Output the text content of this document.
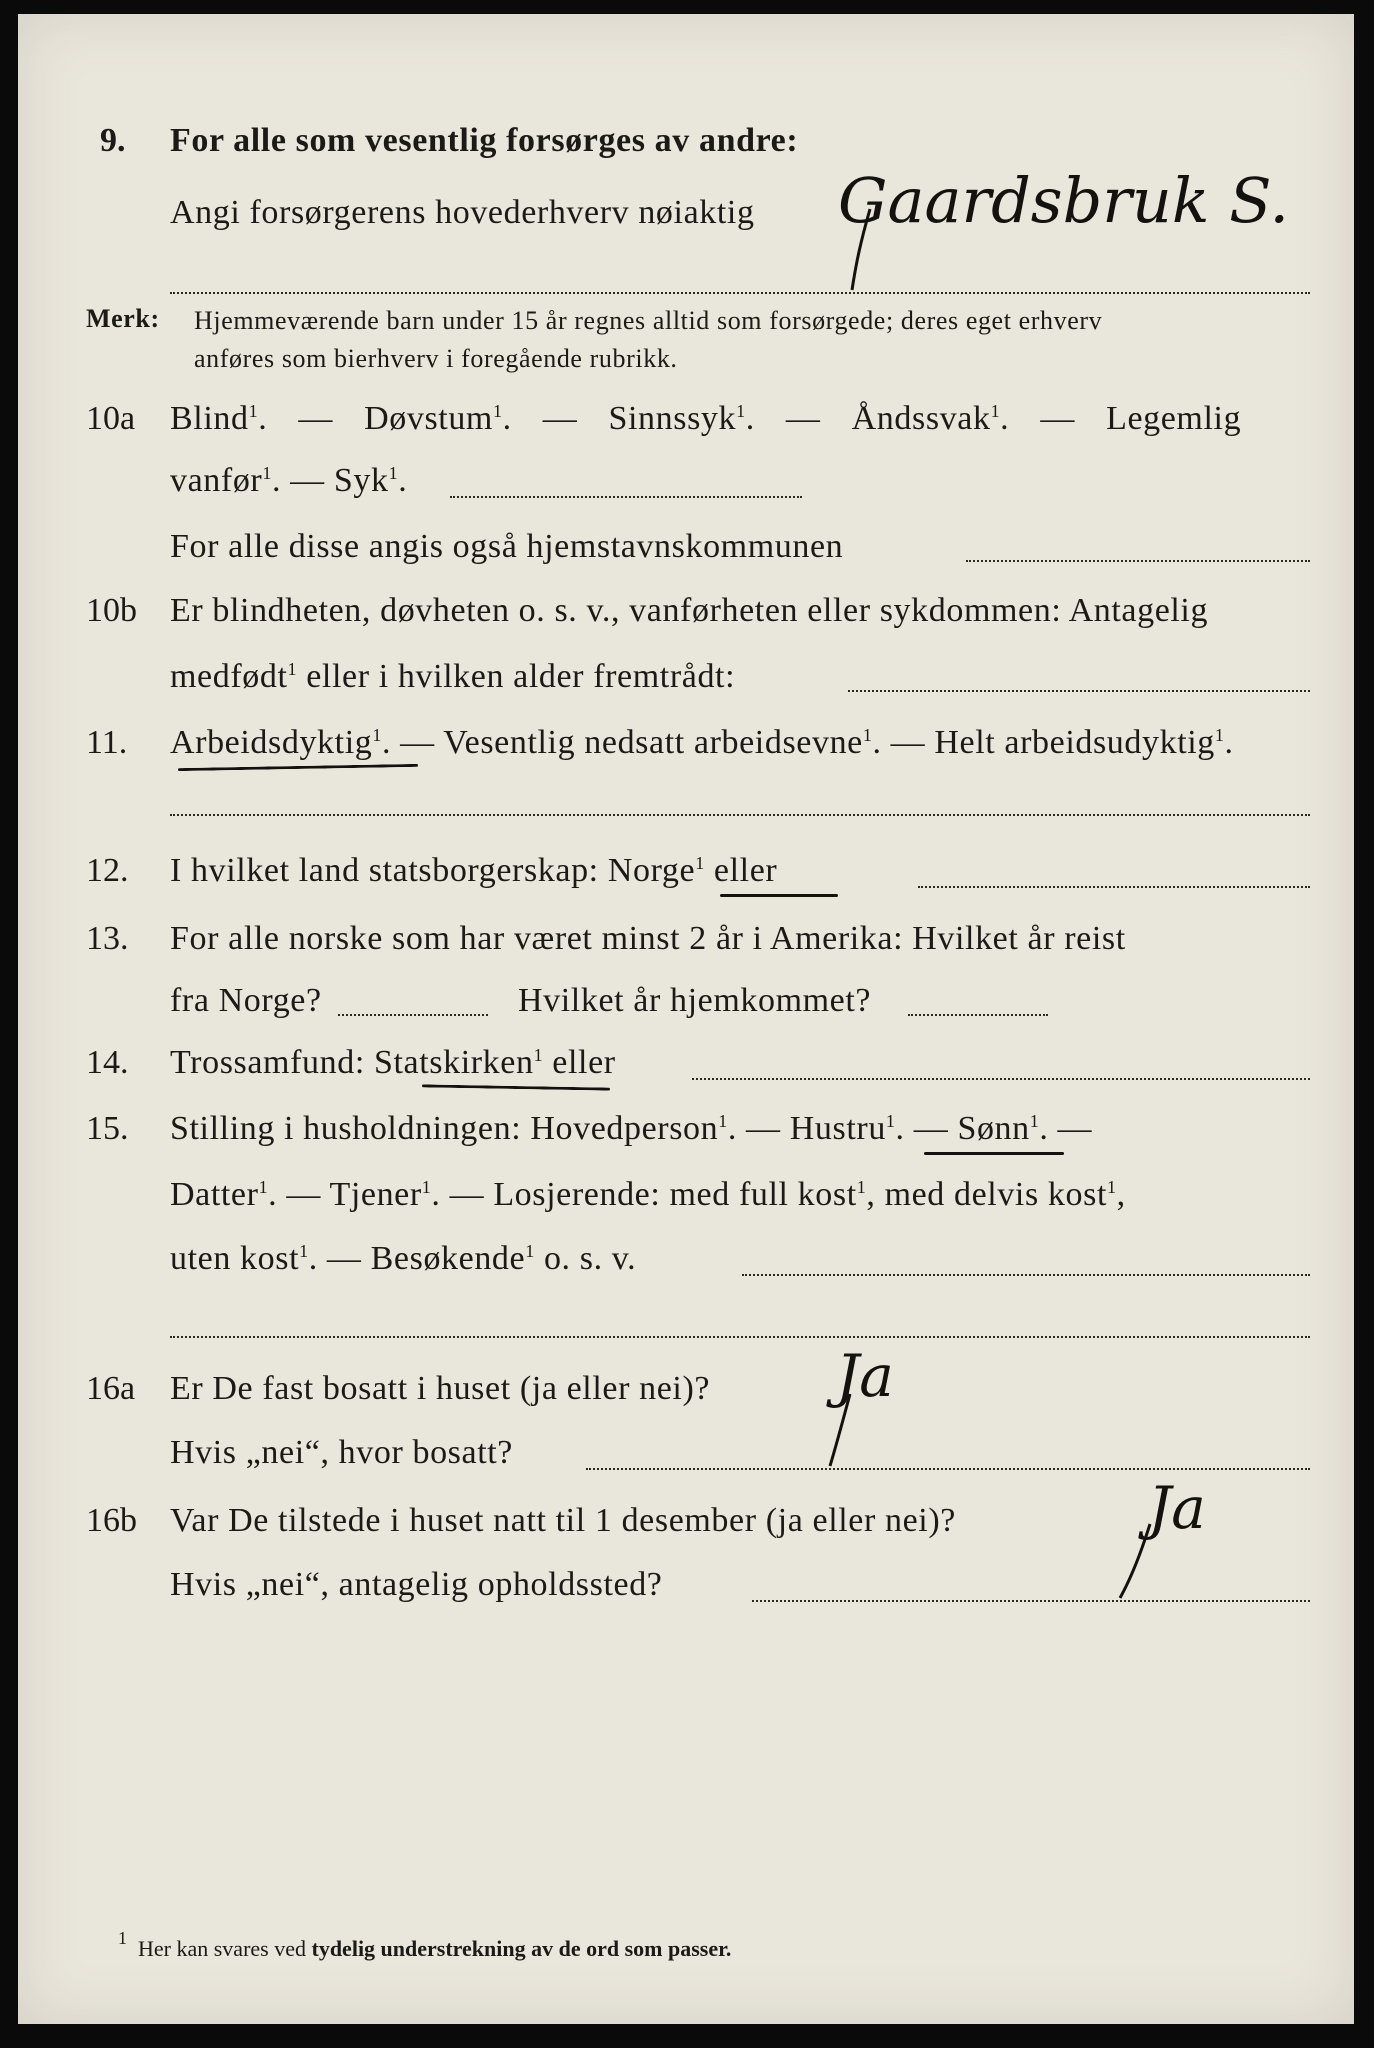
9. For alle som vesentlig forsørges av andre:
Angi forsørgerens hovederhverv nøiaktig Gaardsbruk S.
Merk: Hjemmeværende barn under 15 år regnes alltid som forsørgede; deres eget erhverv
anføres som bierhverv i foregående rubrikk.
10a Blind$^1$. — Døvstum$^1$. — Sinnssyk$^1$. — Åndssvak$^1$. — Legemlig
vanfør$^1$. — Syk$^1$.
For alle disse angis også hjemstavnskommunen
10b Er blindheten, døvheten o. s. v., vanførheten eller sykdommen: Antagelig
medfødt$^1$ eller i hvilken alder fremtrådt:
11. Arbeidsdyktig$^1$. — Vesentlig nedsatt arbeidsevne$^1$. — Helt arbeidsudyktig$^1$.
12. I hvilket land statsborgerskap: Norge$^1$ eller
13. For alle norske som har været minst 2 år i Amerika: Hvilket år reist
fra Norge?	Hvilket år hjemkommet?
14. Trossamfund: Statskirken$^1$ eller
15. Stilling i husholdningen: Hovedperson$^1$. — Hustru$^1$. — Sønn$^1$. —
Datter$^1$. — Tjener$^1$. — Losjerende: med full kost$^1$, med delvis kost$^1$,
uten kost$^1$. — Besøkende$^1$ o. s. v.
16a Er De fast bosatt i huset (ja eller nei)? Ja
Hvis „nei“, hvor bosatt?
16b Var De tilstede i huset natt til 1 desember (ja eller nei)?	Ja
Hvis „nei“, antagelig opholdssted?
$^1$ Her kan svares ved tydelig understrekning av de ord som passer.
